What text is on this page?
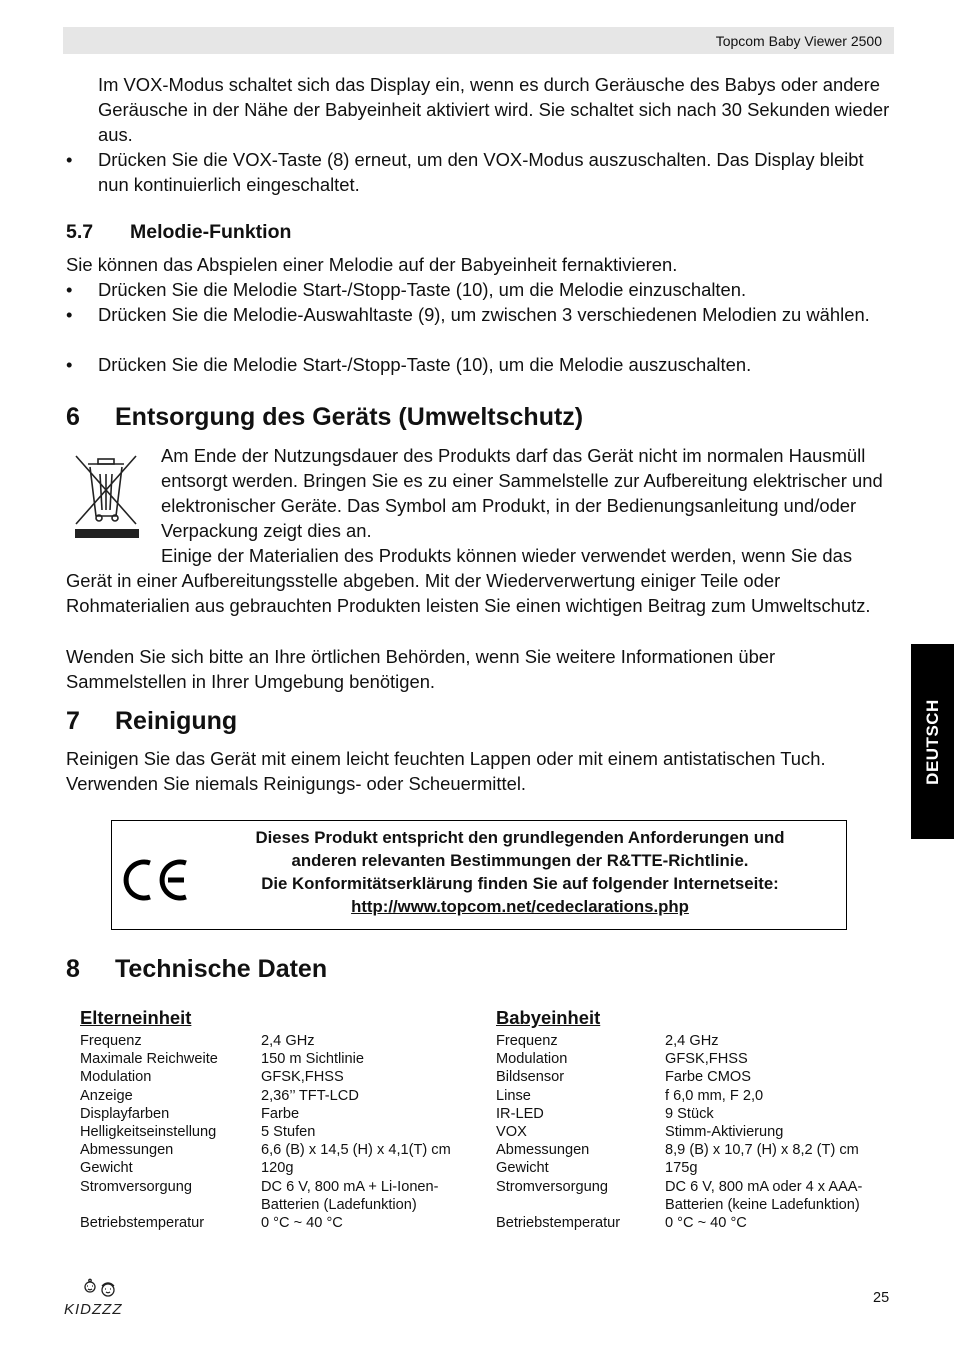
Topcom Baby Viewer 2500

Im VOX-Modus schaltet sich das Display ein, wenn es durch Geräusche des Babys oder andere Geräusche in der Nähe der Babyeinheit aktiviert wird. Sie schaltet sich nach 30 Sekunden wieder aus.

•	Drücken Sie die VOX-Taste (8) erneut, um den VOX-Modus auszuschalten. Das Display bleibt nun kontinuierlich eingeschaltet.
5.7 Melodie-Funktion

Sie können das Abspielen einer Melodie auf der Babyeinheit fernaktivieren.

•	Drücken Sie die Melodie Start-/Stopp-Taste (10), um die Melodie einzuschalten.
•	Drücken Sie die Melodie-Auswahltaste (9), um zwischen 3 verschiedenen Melodien zu wählen.
•	Drücken Sie die Melodie Start-/Stopp-Taste (10), um die Melodie auszuschalten.
6 Entsorgung des Geräts (Umweltschutz)

Am Ende der Nutzungsdauer des Produkts darf das Gerät nicht im normalen Hausmüll entsorgt werden. Bringen Sie es zu einer Sammelstelle zur Aufbereitung elektrischer und elektronischer Geräte. Das Symbol am Produkt, in der Bedienungsanleitung und/oder Verpackung zeigt dies an.

Einige der Materialien des Produkts können wieder verwendet werden, wenn Sie das Gerät in einer Aufbereitungsstelle abgeben. Mit der Wiederverwertung einiger Teile oder Rohmaterialien aus gebrauchten Produkten leisten Sie einen wichtigen Beitrag zum Umweltschutz.

Wenden Sie sich bitte an Ihre örtlichen Behörden, wenn Sie weitere Informationen über Sammelstellen in Ihrer Umgebung benötigen.

7 Reinigung

Reinigen Sie das Gerät mit einem leicht feuchten Lappen oder mit einem antistatischen Tuch. Verwenden Sie niemals Reinigungs- oder Scheuermittel.	DEUTSCH
Dieses Produkt entspricht den grundlegenden Anforderungen und
anderen relevanten Bestimmungen der R&TTE-Richtlinie.
Die Konformitätserklärung finden Sie auf folgender Internetseite:
http://www.topcom.net/cedeclarations.php
8 Technische Daten
Elterneinheit
Frequenz	2,4 GHz
Maximale Reichweite	150 m Sichtlinie
Modulation	GFSK,FHSS
Anzeige	2,36’’ TFT-LCD
Displayfarben	Farbe
Helligkeitseinstellung	5 Stufen
Abmessungen	6,6 (B) x 14,5 (H) x 4,1(T) cm
Gewicht	120g
Stromversorgung	DC 6 V, 800 mA + Li-Ionen-
Batterien (Ladefunktion)
Betriebstemperatur	0 °C ~ 40 °C
Babyeinheit
Frequenz	2,4 GHz
Modulation	GFSK,FHSS
Bildsensor	Farbe CMOS
Linse	f 6,0 mm, F 2,0
IR-LED	9 Stück
VOX	Stimm-Aktivierung
Abmessungen	8,9 (B) x 10,7 (H) x 8,2 (T) cm
Gewicht	175g
Stromversorgung	DC 6 V, 800 mA oder 4 x AAA-
Batterien (keine Ladefunktion)
Betriebstemperatur	0 °C ~ 40 °C
KIDZZZ
25
